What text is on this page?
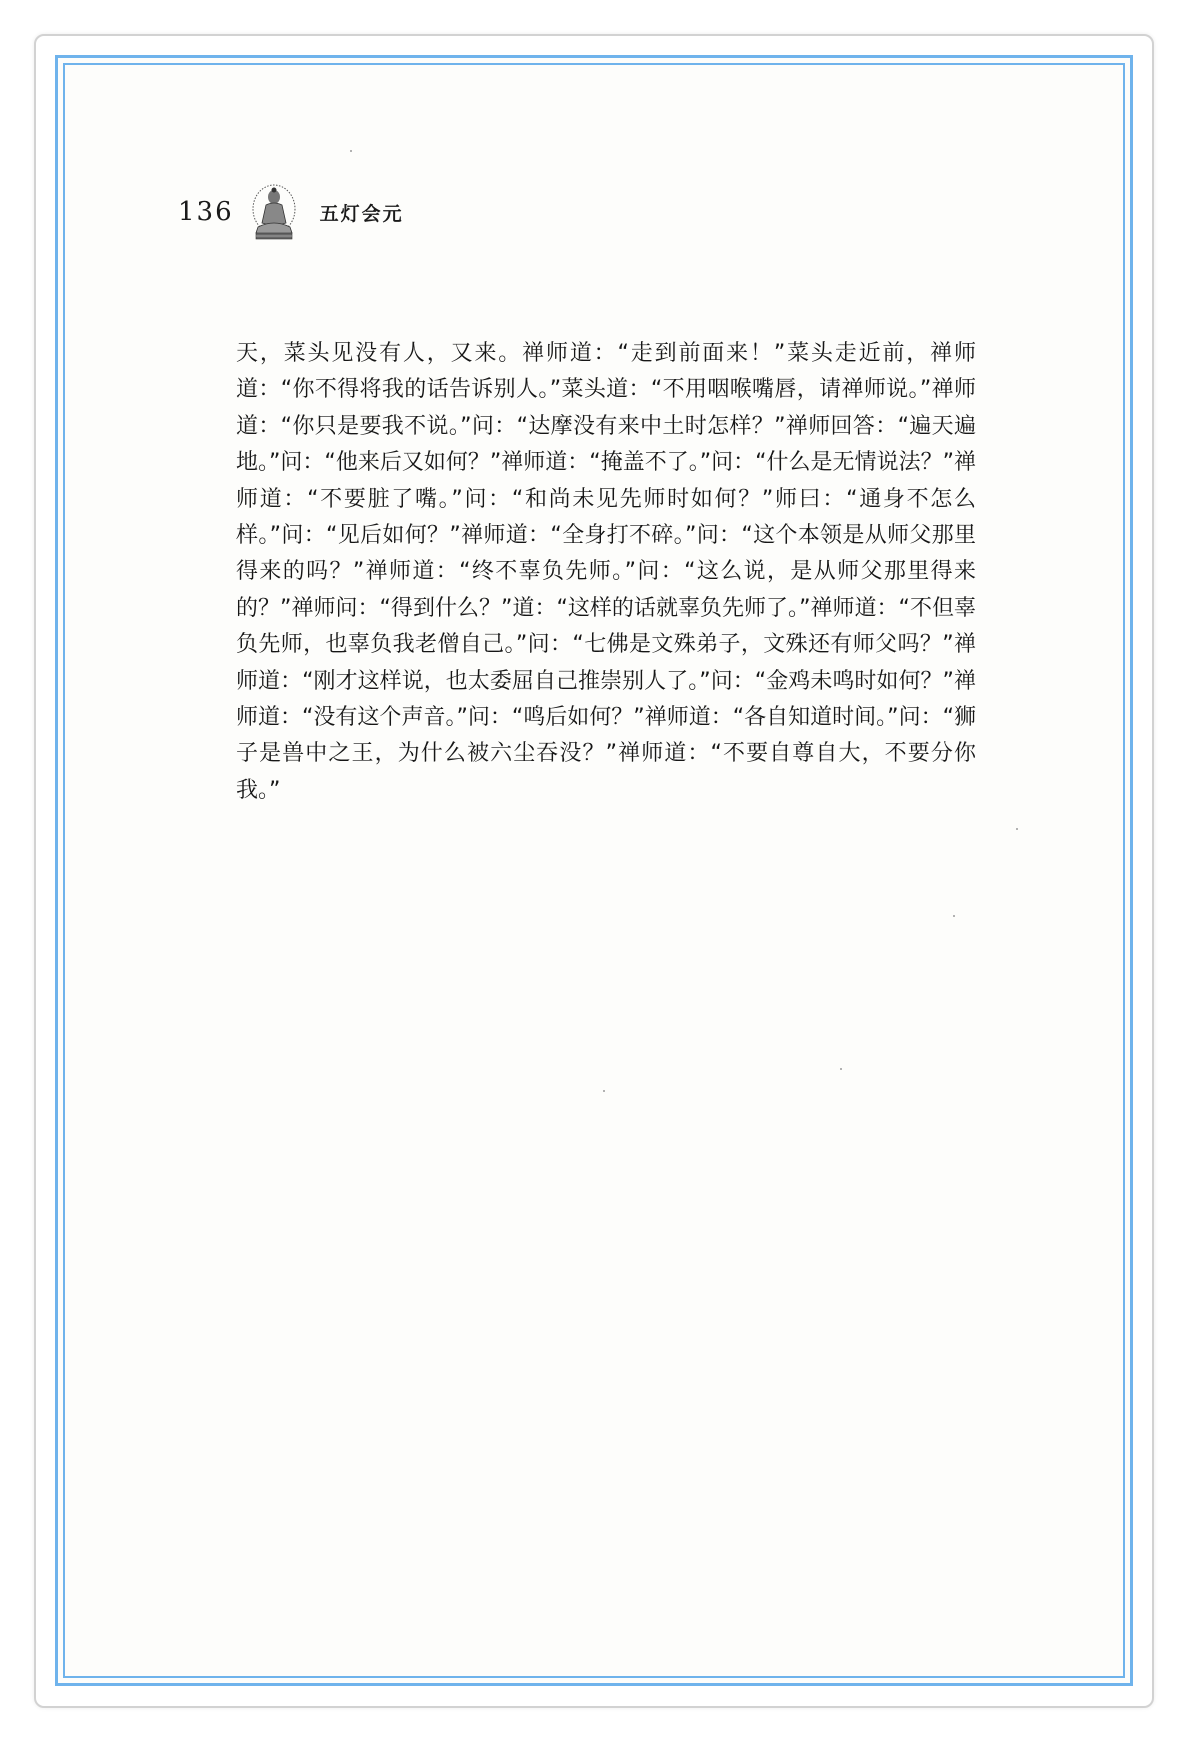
136	五灯会元

天，菜头见没有人，又来。禅师道：“走到前面来！”菜头走近前，禅师道：“你不得将我的话告诉别人。”菜头道：“不用咽喉嘴唇，请禅师说。”禅师道：“你只是要我不说。”问：“达摩没有来中土时怎样？”禅师回答：“遍天遍地。”问：“他来后又如何？”禅师道：“掩盖不了。”问：“什么是无情说法？”禅师道：“不要脏了嘴。”问：“和尚未见先师时如何？”师曰：“通身不怎么样。”问：“见后如何？”禅师道：“全身打不碎。”问：“这个本领是从师父那里得来的吗？”禅师道：“终不辜负先师。”问：“这么说，是从师父那里得来的？”禅师问：“得到什么？”道：“这样的话就辜负先师了。”禅师道：“不但辜负先师，也辜负我老僧自己。”问：“七佛是文殊弟子，文殊还有师父吗？”禅师道：“刚才这样说，也太委屈自己推崇别人了。”问：“金鸡未鸣时如何？”禅师道：“没有这个声音。”问：“鸣后如何？”禅师道：“各自知道时间。”问：“狮子是兽中之王，为什么被六尘吞没？”禅师道：“不要自尊自大，不要分你我。”
